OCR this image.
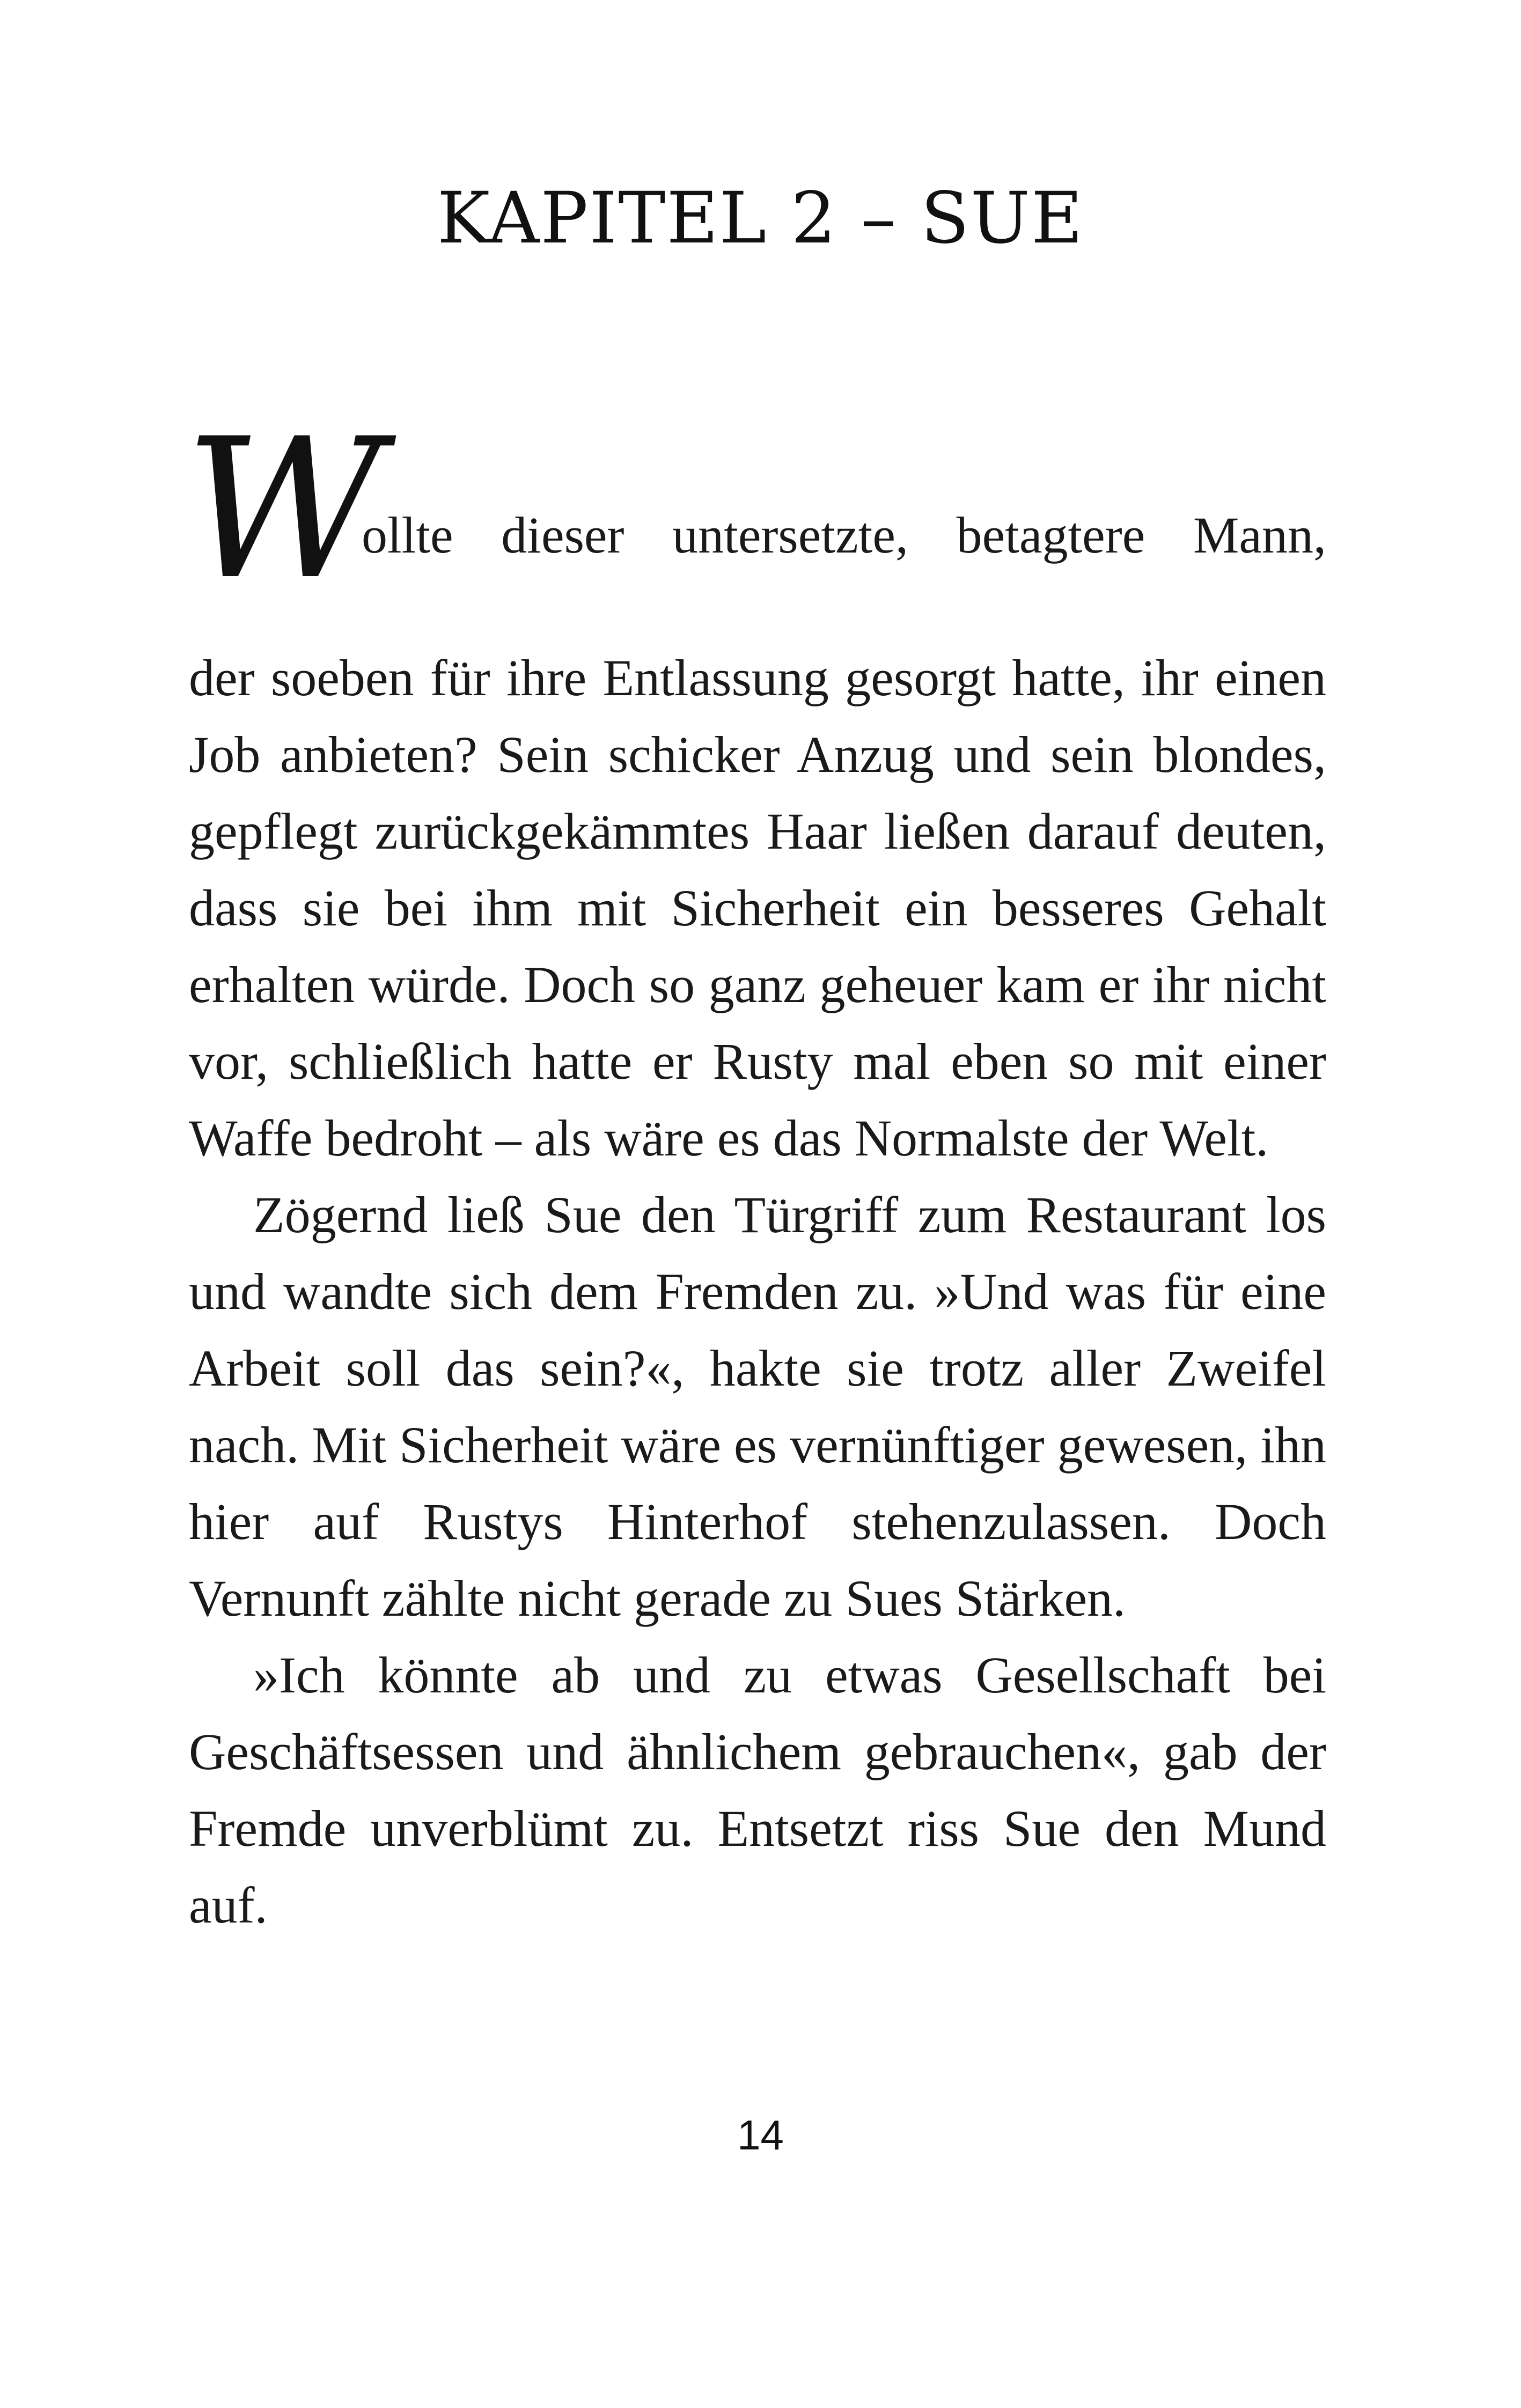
KAPITEL 2 – SUE
W
ollte dieser untersetzte, betagtere Mann,

der soeben für ihre Entlassung gesorgt hatte, ihr einen Job anbieten? Sein schicker Anzug und sein blondes, gepflegt zurückgekämmtes Haar ließen darauf deuten, dass sie bei ihm mit Sicherheit ein besseres Gehalt erhalten würde. Doch so ganz geheuer kam er ihr nicht vor, schließlich hatte er Rusty mal eben so mit einer Waffe bedroht – als wäre es das Normalste der Welt.

Zögernd ließ Sue den Türgriff zum Restaurant los und wandte sich dem Fremden zu. »Und was für eine Arbeit soll das sein?«, hakte sie trotz aller Zweifel nach. Mit Sicherheit wäre es vernünftiger gewesen, ihn hier auf Rustys Hinterhof stehenzulassen. Doch Vernunft zählte nicht gerade zu Sues Stärken.

»Ich könnte ab und zu etwas Gesellschaft bei Geschäftsessen und ähnlichem gebrauchen«, gab der Fremde unverblümt zu. Entsetzt riss Sue den Mund auf.

14
